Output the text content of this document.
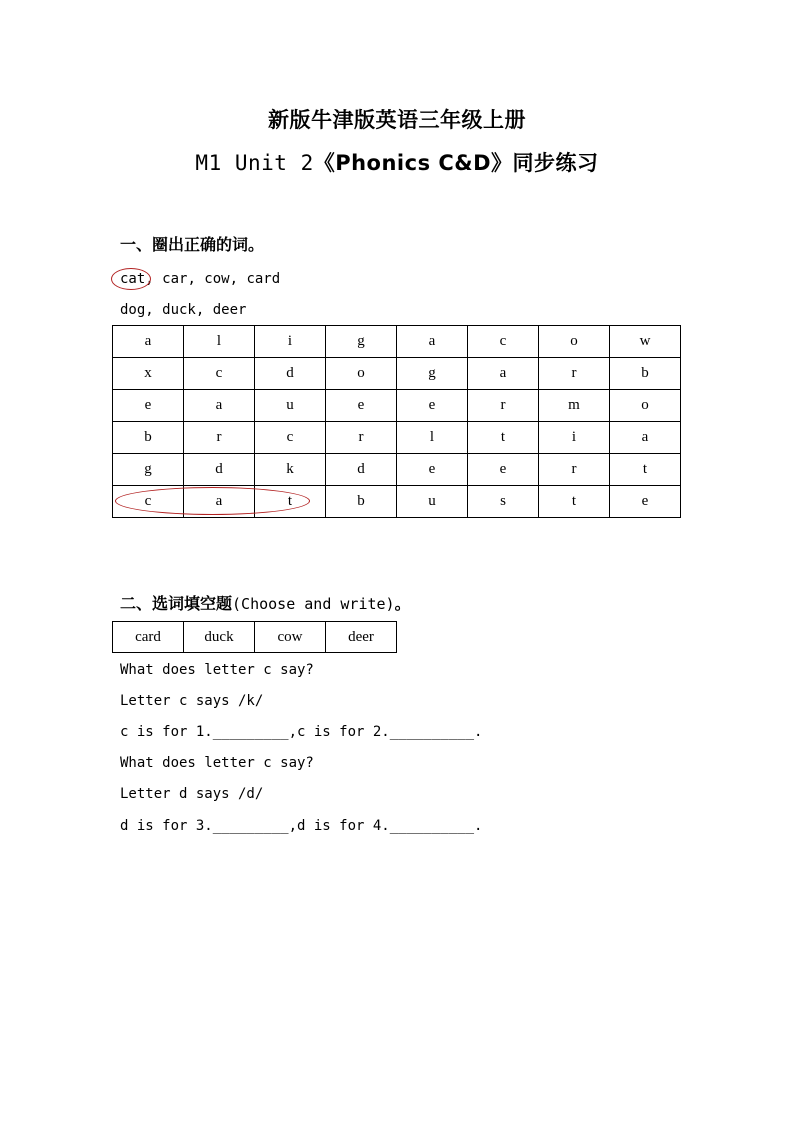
新版牛津版英语三年级上册
M1 Unit 2《Phonics C&D》同步练习
一、圈出正确的词。
cat, car, cow, card
dog, duck, deer
a	l	i	g	a	c	o	w
x	c	d	o	g	a	r	b
e	a	u	e	e	r	m	o
b	r	c	r	l	t	i	a
g	d	k	d	e	e	r	t
c	a	t	b	u	s	t	e
二、选词填空题(Choose and write)。
card	duck	cow	deer
What does letter c say?
Letter c says /k/
c is for 1._________,c is for 2.__________.
What does letter c say?
Letter d says /d/
d is for 3._________,d is for 4.__________.
